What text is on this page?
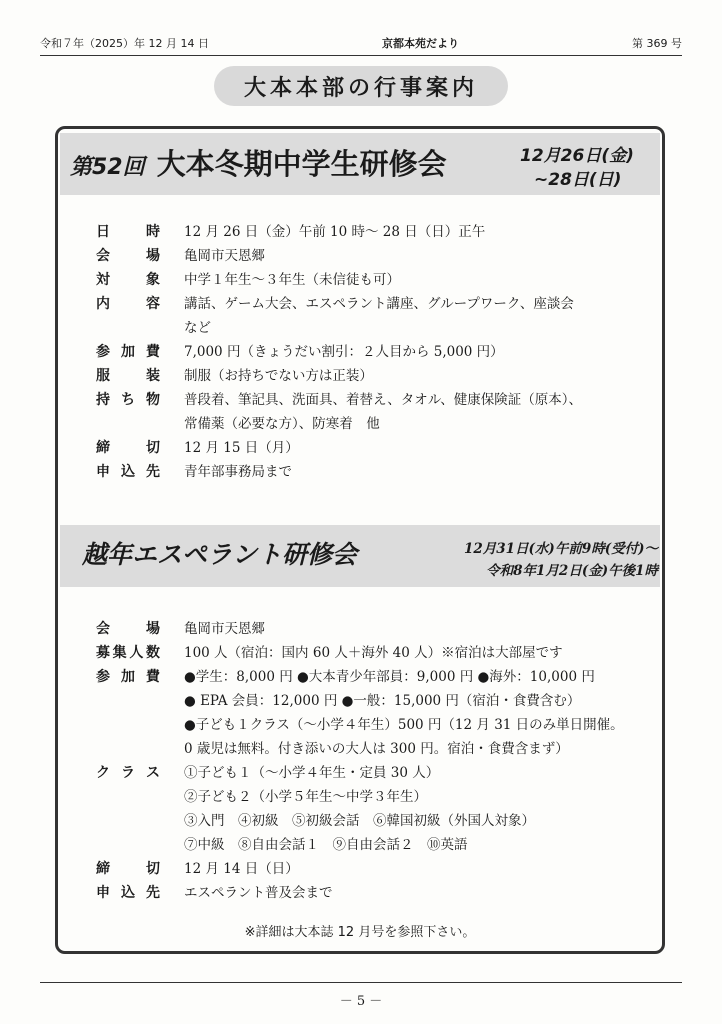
令和７年（2025）年 12 月 14 日	京都本苑だより	第 369 号
大本本部の行事案内
第52回 大本冬期中学生研修会	12月26日(金)
~28日(日)
日	時 12 月 26 日（金）午前 10 時～ 28 日（日）正午
会	場 亀岡市天恩郷
対	象 中学１年生～３年生（未信徒も可）
内	容 講話、ゲーム大会、エスペラント講座、グループワーク、座談会
など
参 加 費 7,000 円（きょうだい割引：２人目から 5,000 円）
服	装 制服（お持ちでない方は正装）
持 ち 物 普段着、筆記具、洗面具、着替え、タオル、健康保険証（原本）、
常備薬（必要な方）、防寒着　他
締	切 12 月 15 日（月）
申 込 先 青年部事務局まで
越年エスペラント研修会	12月31日(水)午前9時(受付)～
令和8年1月2日(金)午後1時
会	場 亀岡市天恩郷
募 集 人 数 100 人（宿泊：国内 60 人＋海外 40 人）※宿泊は大部屋です
参 加 費 ●学生：8,000 円 ●大本青少年部員：9,000 円 ●海外：10,000 円
● EPA 会員：12,000 円 ●一般：15,000 円（宿泊・食費含む）
●子ども１クラス（～小学４年生）500 円（12 月 31 日のみ単日開催。
0 歳児は無料。付き添いの大人は 300 円。宿泊・食費含まず）
ク ラ ス ①子ども１（～小学４年生・定員 30 人）
②子ども２（小学５年生～中学３年生）
③入門　④初級　⑤初級会話　⑥韓国初級（外国人対象）
⑦中級　⑧自由会話１　⑨自由会話２　⑩英語
締	切 12 月 14 日（日）
申 込 先 エスペラント普及会まで
※詳細は大本誌 12 月号を参照下さい。
－ 5 －
